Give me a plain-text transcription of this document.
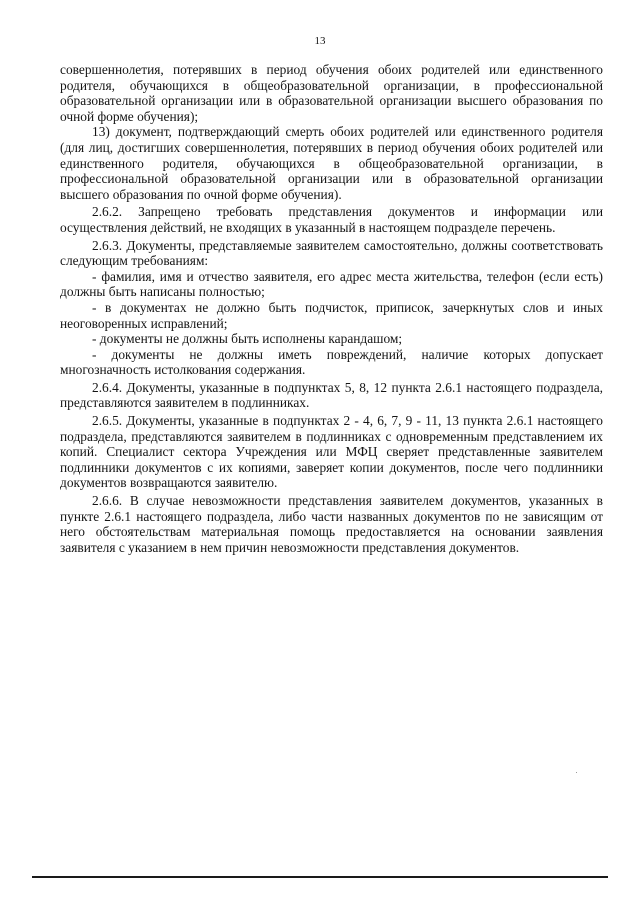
13

совершеннолетия, потерявших в период обучения обоих родителей или единственного родителя, обучающихся в общеобразовательной организации, в профессиональной образовательной организации или в образовательной организации высшего образования по очной форме обучения);

13) документ, подтверждающий смерть обоих родителей или единственного родителя (для лиц, достигших совершеннолетия, потерявших в период обучения обоих родителей или единственного родителя, обучающихся в общеобразовательной организации, в профессиональной образовательной организации или в образовательной организации высшего образования по очной форме обучения).

2.6.2. Запрещено требовать представления документов и информации или осуществления действий, не входящих в указанный в настоящем подразделе перечень.

2.6.3. Документы, представляемые заявителем самостоятельно, должны соответствовать следующим требованиям:

- фамилия, имя и отчество заявителя, его адрес места жительства, телефон (если есть) должны быть написаны полностью;

- в документах не должно быть подчисток, приписок, зачеркнутых слов и иных неоговоренных исправлений;

- документы не должны быть исполнены карандашом;

- документы не должны иметь повреждений, наличие которых допускает многозначность истолкования содержания.

2.6.4. Документы, указанные в подпунктах 5, 8, 12 пункта 2.6.1 настоящего подраздела, представляются заявителем в подлинниках.

2.6.5. Документы, указанные в подпунктах 2 - 4, 6, 7, 9 - 11, 13 пункта 2.6.1 настоящего подраздела, представляются заявителем в подлинниках с одновременным представлением их копий. Специалист сектора Учреждения или МФЦ сверяет представленные заявителем подлинники документов с их копиями, заверяет копии документов, после чего подлинники документов возвращаются заявителю.

2.6.6. В случае невозможности представления заявителем документов, указанных в пункте 2.6.1 настоящего подраздела, либо части названных документов по не зависящим от него обстоятельствам материальная помощь предоставляется на основании заявления заявителя с указанием в нем причин невозможности представления документов.
